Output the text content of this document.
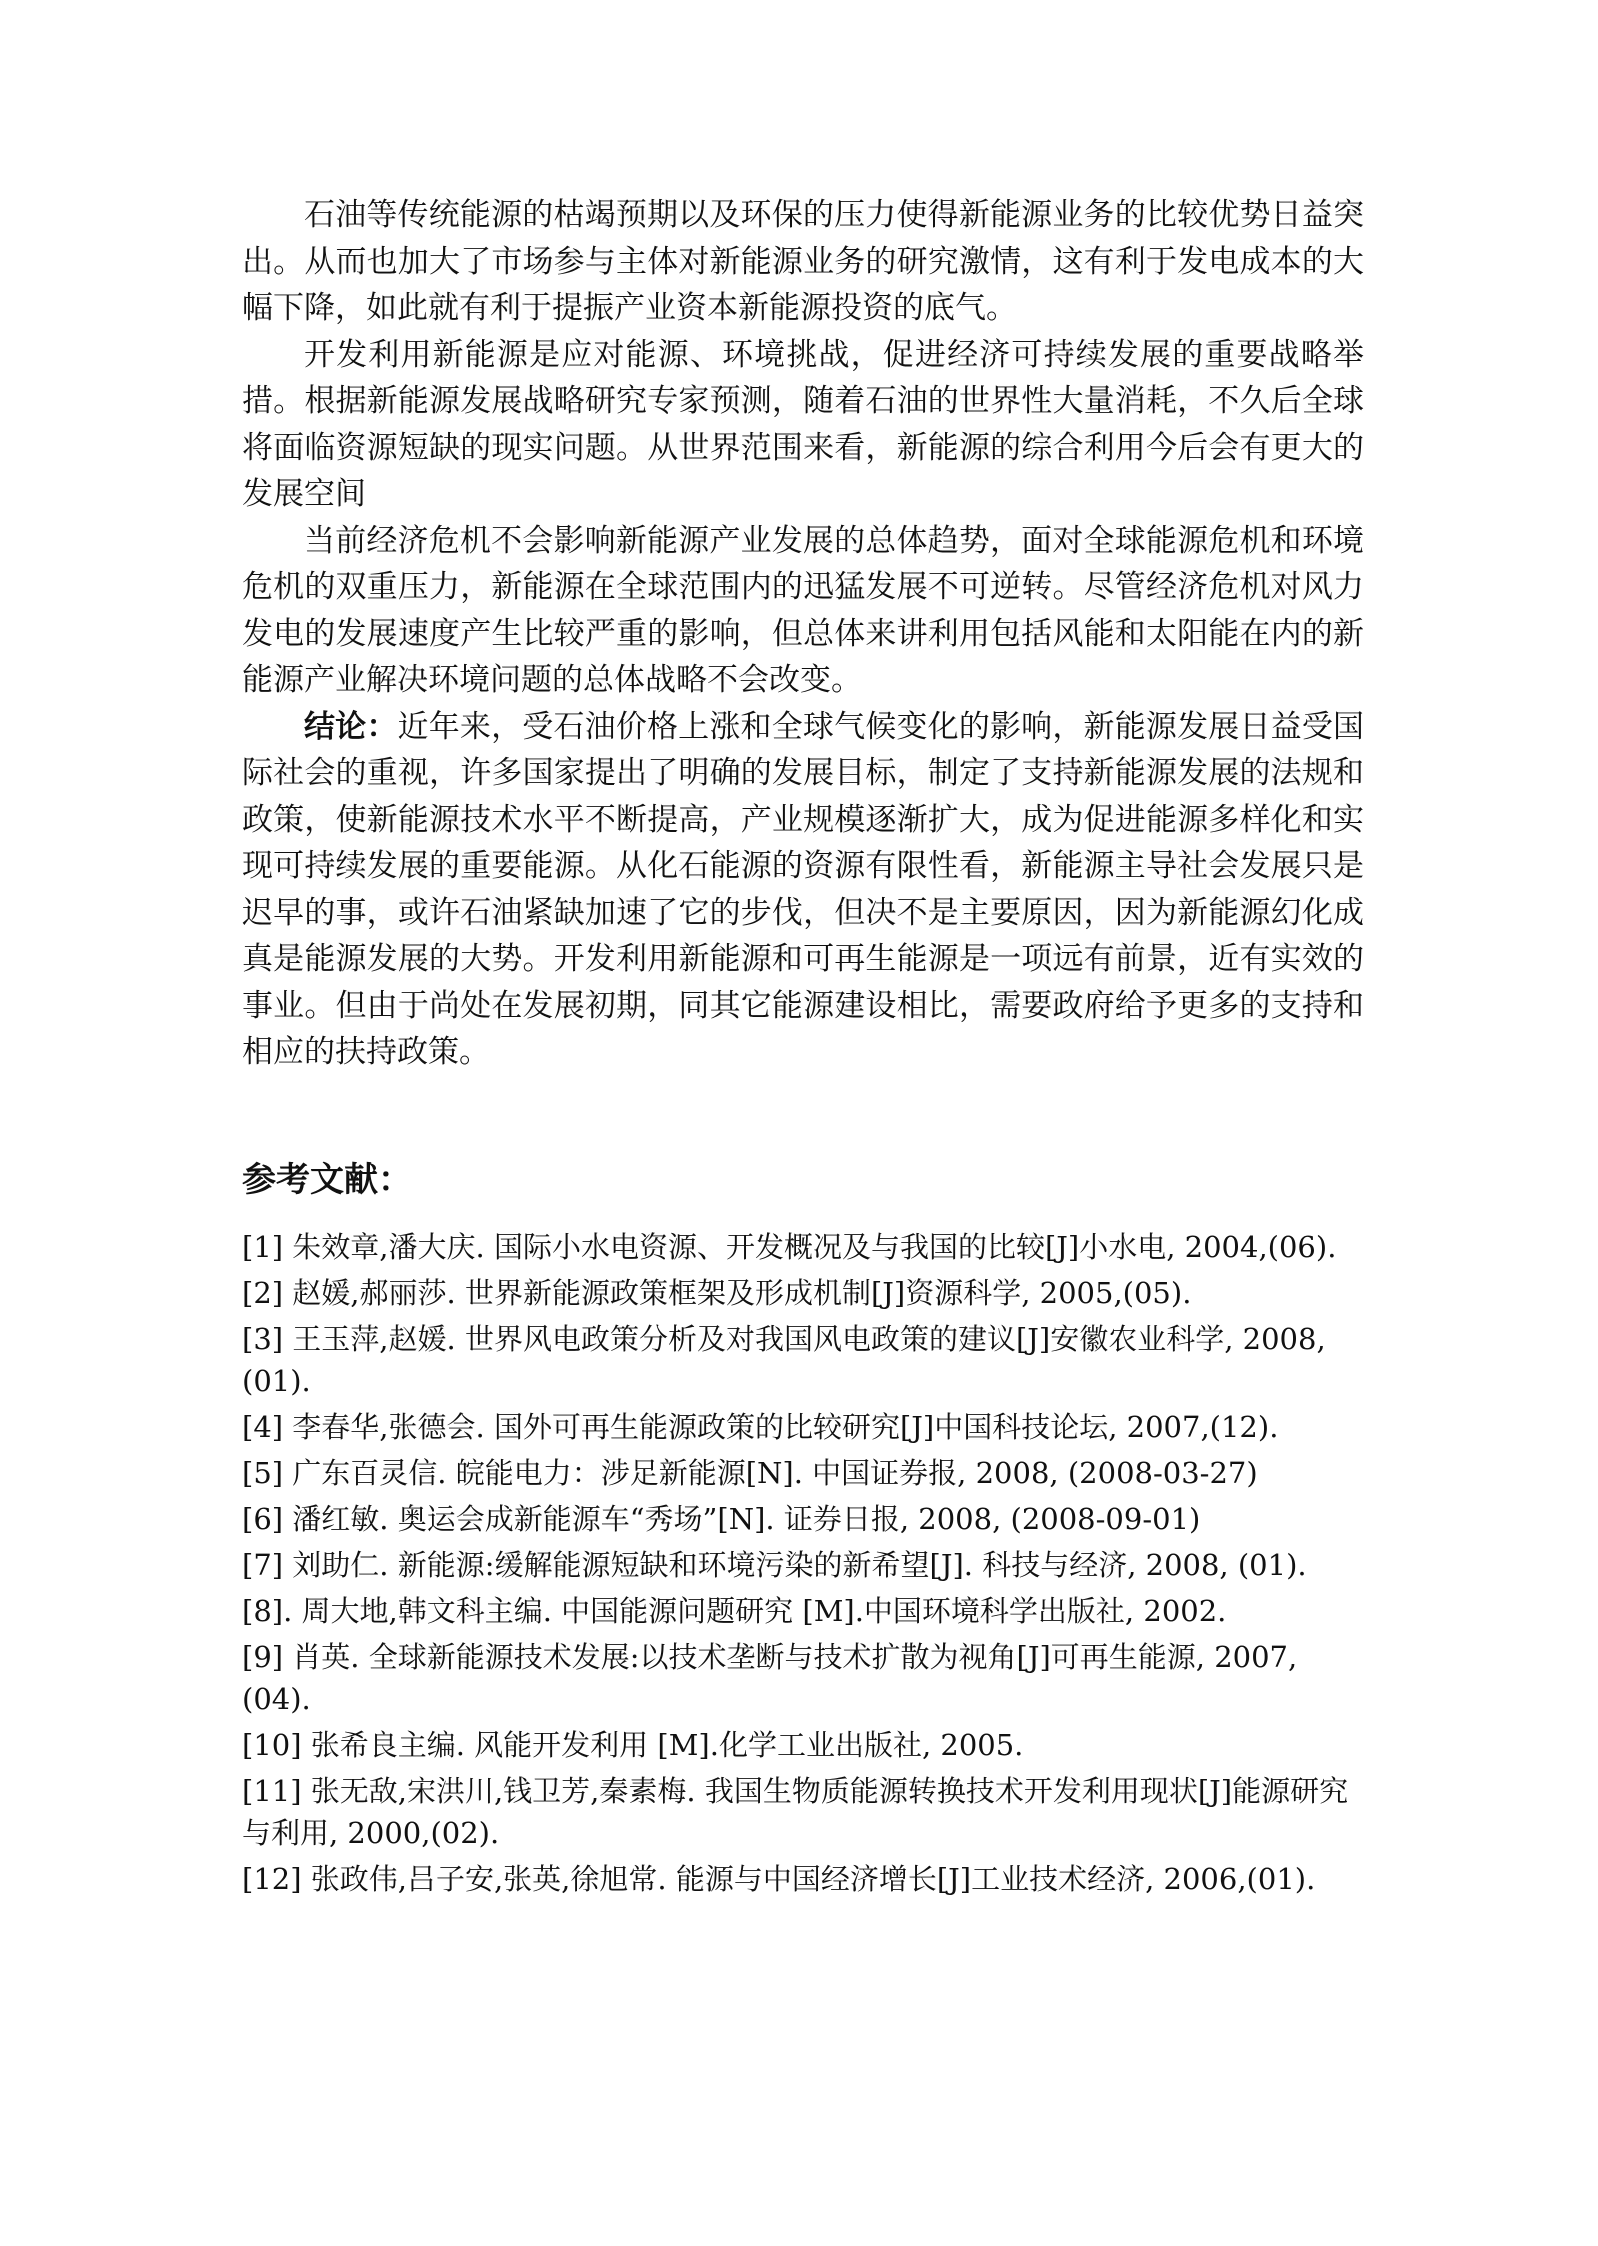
石油等传统能源的枯竭预期以及环保的压力使得新能源业务的比较优势日益突出。从而也加大了市场参与主体对新能源业务的研究激情，这有利于发电成本的大幅下降，如此就有利于提振产业资本新能源投资的底气。

开发利用新能源是应对能源、环境挑战，促进经济可持续发展的重要战略举措。根据新能源发展战略研究专家预测，随着石油的世界性大量消耗，不久后全球将面临资源短缺的现实问题。从世界范围来看，新能源的综合利用今后会有更大的发展空间

当前经济危机不会影响新能源产业发展的总体趋势，面对全球能源危机和环境危机的双重压力，新能源在全球范围内的迅猛发展不可逆转。尽管经济危机对风力发电的发展速度产生比较严重的影响，但总体来讲利用包括风能和太阳能在内的新能源产业解决环境问题的总体战略不会改变。

结论：近年来，受石油价格上涨和全球气候变化的影响，新能源发展日益受国际社会的重视，许多国家提出了明确的发展目标，制定了支持新能源发展的法规和政策，使新能源技术水平不断提高，产业规模逐渐扩大，成为促进能源多样化和实现可持续发展的重要能源。从化石能源的资源有限性看，新能源主导社会发展只是迟早的事，或许石油紧缺加速了它的步伐，但决不是主要原因，因为新能源幻化成真是能源发展的大势。开发利用新能源和可再生能源是一项远有前景，近有实效的事业。但由于尚处在发展初期，同其它能源建设相比，需要政府给予更多的支持和相应的扶持政策。

参考文献：
[1] 朱效章,潘大庆. 国际小水电资源、开发概况及与我国的比较[J]小水电, 2004,(06).
[2] 赵媛,郝丽莎. 世界新能源政策框架及形成机制[J]资源科学, 2005,(05).
[3] 王玉萍,赵媛. 世界风电政策分析及对我国风电政策的建议[J]安徽农业科学, 2008,(01).
[4] 李春华,张德会. 国外可再生能源政策的比较研究[J]中国科技论坛, 2007,(12).
[5] 广东百灵信. 皖能电力：涉足新能源[N]. 中国证券报, 2008, (2008-03-27)
[6] 潘红敏. 奥运会成新能源车“秀场”[N]. 证券日报, 2008, (2008-09-01)
[7] 刘助仁. 新能源:缓解能源短缺和环境污染的新希望[J]. 科技与经济, 2008, (01).
[8]. 周大地,韩文科主编. 中国能源问题研究 [M].中国环境科学出版社, 2002.
[9] 肖英. 全球新能源技术发展:以技术垄断与技术扩散为视角[J]可再生能源, 2007, (04).
[10] 张希良主编. 风能开发利用 [M].化学工业出版社, 2005.
[11] 张无敌,宋洪川,钱卫芳,秦素梅. 我国生物质能源转换技术开发利用现状[J]能源研究与利用, 2000,(02).
[12] 张政伟,吕子安,张英,徐旭常. 能源与中国经济增长[J]工业技术经济, 2006,(01).
